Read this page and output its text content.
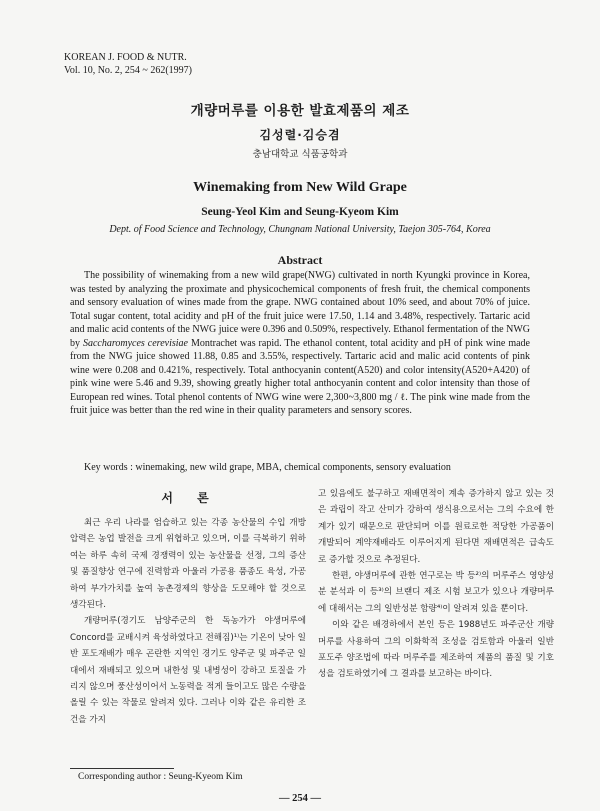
KOREAN J. FOOD & NUTR.
Vol. 10, No. 2, 254 ~ 262(1997)
개량머루를 이용한 발효제품의 제조
김성렬·김승겸
충남대학교 식품공학과
Winemaking from New Wild Grape
Seung-Yeol Kim and Seung-Kyeom Kim
Dept. of Food Science and Technology, Chungnam National University, Taejon 305-764, Korea
Abstract

The possibility of winemaking from a new wild grape(NWG) cultivated in north Kyungki province in Korea, was tested by analyzing the proximate and physicochemical components of fresh fruit, the chemical components and sensory evaluation of wines made from the grape. NWG contained about 10% seed, and about 70% of juice. Total sugar content, total acidity and pH of the fruit juice were 17.50, 1.14 and 3.48%, respectively. Tartaric acid and malic acid contents of the NWG juice were 0.396 and 0.509%, respectively. Ethanol fermentation of the NWG by Saccharomyces cerevisiae Montrachet was rapid. The ethanol content, total acidity and pH of pink wine made from the NWG juice showed 11.88, 0.85 and 3.55%, respectively. Tartaric acid and malic acid contents of pink wine were 0.208 and 0.421%, respectively. Total anthocyanin content(A520) and color intensity(A520+A420) of pink wine were 5.46 and 9.39, showing greatly higher total anthocyanin content and color intensity than those of European red wines. Total phenol contents of NWG wine were 2,300~3,800 mg / ℓ. The pink wine made from the fruit juice was better than the red wine in their quality parameters and sensory scores.

Key words : winemaking, new wild grape, MBA, chemical components, sensory evaluation
서 론

최근 우리 나라를 엄습하고 있는 각종 농산물의 수입 개방 압력은 농업 발전을 크게 위협하고 있으며, 이를 극복하기 위하여는 하루 속히 국제 경쟁력이 있는 농산물을 선정, 그의 증산 및 품질향상 연구에 진력함과 아울러 가공용 품종도 육성, 가공하여 부가가치를 높여 농촌경제의 향상을 도모해야 할 것으로 생각된다.

개량머루(경기도 남양주군의 한 독농가가 야생머루에 Concord를 교배시켜 육성하였다고 전해짐)¹⁾는 기온이 낮아 일반 포도재배가 매우 곤란한 지역인 경기도 양주군 및 파주군 일대에서 재배되고 있으며 내한성 및 내병성이 강하고 토질을 가리지 않으며 풍산성이어서 노동력을 적게 들이고도 많은 수량을 올릴 수 있는 작물로 알려져 있다. 그러나 이와 같은 유리한 조건을 가지

고 있음에도 불구하고 재배면적이 계속 증가하지 않고 있는 것은 과립이 작고 산미가 강하여 생식용으로서는 그의 수요에 한계가 있기 때문으로 판단되며 이를 원료로한 적당한 가공품이 개발되어 계약재배라도 이루어지게 된다면 재배면적은 급속도로 증가할 것으로 추정된다.

한편, 야생머루에 관한 연구로는 박 등²⁾의 머루주스 영양성분 분석과 이 등³⁾의 브랜디 제조 시험 보고가 있으나 개량머루에 대해서는 그의 일반성분 함량⁴⁾이 알려져 있을 뿐이다.

이와 같은 배경하에서 본인 등은 1988년도 파주군산 개량머루를 사용하여 그의 이화학적 조성을 검토함과 아울러 일반 포도주 양조법에 따라 머루주를 제조하여 제품의 품질 및 기호성을 검토하였기에 그 결과를 보고하는 바이다.

Corresponding author : Seung-Kyeom Kim
— 254 —
